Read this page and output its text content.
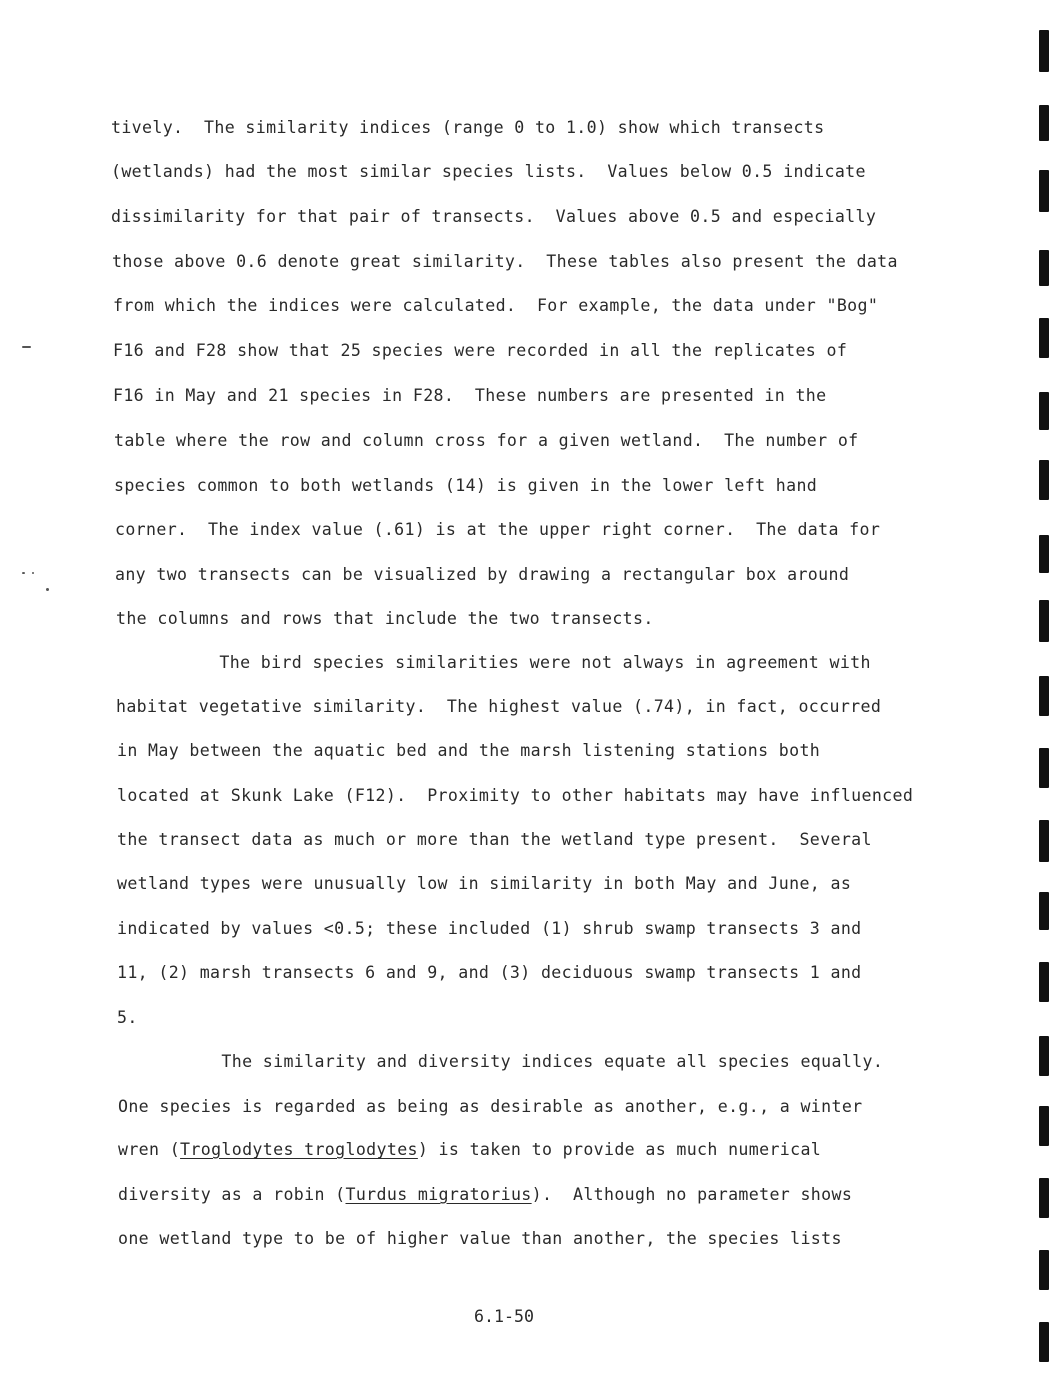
tively.  The similarity indices (range 0 to 1.0) show which transects
(wetlands) had the most similar species lists.  Values below 0.5 indicate
dissimilarity for that pair of transects.  Values above 0.5 and especially
those above 0.6 denote great similarity.  These tables also present the data
from which the indices were calculated.  For example, the data under "Bog"
F16 and F28 show that 25 species were recorded in all the replicates of
F16 in May and 21 species in F28.  These numbers are presented in the
table where the row and column cross for a given wetland.  The number of
species common to both wetlands (14) is given in the lower left hand
corner.  The index value (.61) is at the upper right corner.  The data for
any two transects can be visualized by drawing a rectangular box around
the columns and rows that include the two transects.
The bird species similarities were not always in agreement with
habitat vegetative similarity.  The highest value (.74), in fact, occurred
in May between the aquatic bed and the marsh listening stations both
located at Skunk Lake (F12).  Proximity to other habitats may have influenced
the transect data as much or more than the wetland type present.  Several
wetland types were unusually low in similarity in both May and June, as
indicated by values <0.5; these included (1) shrub swamp transects 3 and
11, (2) marsh transects 6 and 9, and (3) deciduous swamp transects 1 and
5.
The similarity and diversity indices equate all species equally.
One species is regarded as being as desirable as another, e.g., a winter
wren (Troglodytes troglodytes) is taken to provide as much numerical
diversity as a robin (Turdus migratorius).  Although no parameter shows
one wetland type to be of higher value than another, the species lists
6.1-50
